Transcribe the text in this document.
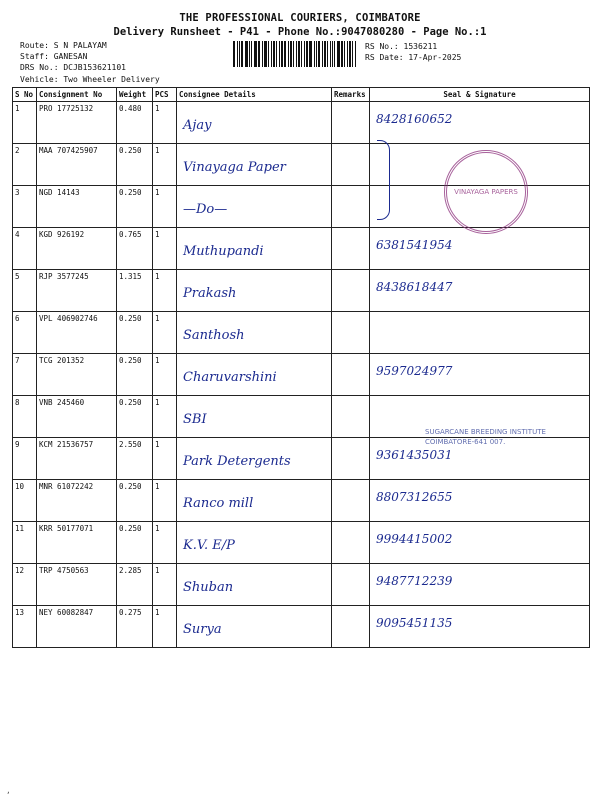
THE PROFESSIONAL COURIERS, COIMBATORE
Delivery Runsheet - P41 - Phone No.:9047080280 - Page No.:1
Route: S N PALAYAM
Staff: GANESAN
DRS No.: DCJB153621101
RS No.: 1536211
RS Date: 17-Apr-2025
Vehicle: Two Wheeler Delivery
S No	Consignment No	Weight	PCS	Consignee Details	Remarks	Seal & Signature
1	PRO 17725132	0.480	1	Ajay		8428160652

2	MAA 707425907	0.250	1	Vinayaga Paper		

3	NGD 14143	0.250	1	—Do—		

4	KGD 926192	0.765	1	Muthupandi		6381541954

5	RJP 3577245	1.315	1	Prakash		8438618447

6	VPL 406902746	0.250	1	Santhosh		

7	TCG 201352	0.250	1	Charuvarshini		9597024977

8	VNB 245460	0.250	1	SBI		

9	KCM 21536757	2.550	1	Park Detergents		9361435031

10	MNR 61072242	0.250	1	Ranco mill		8807312655

11	KRR 50177071	0.250	1	K.V. E/P		9994415002

12	TRP 4750563	2.285	1	Shuban		9487712239

13	NEY 60082847	0.275	1	Surya		9095451135
VINAYAGA PAPERS
SUGARCANE BREEDING INSTITUTE
COIMBATORE-641 007.
,
